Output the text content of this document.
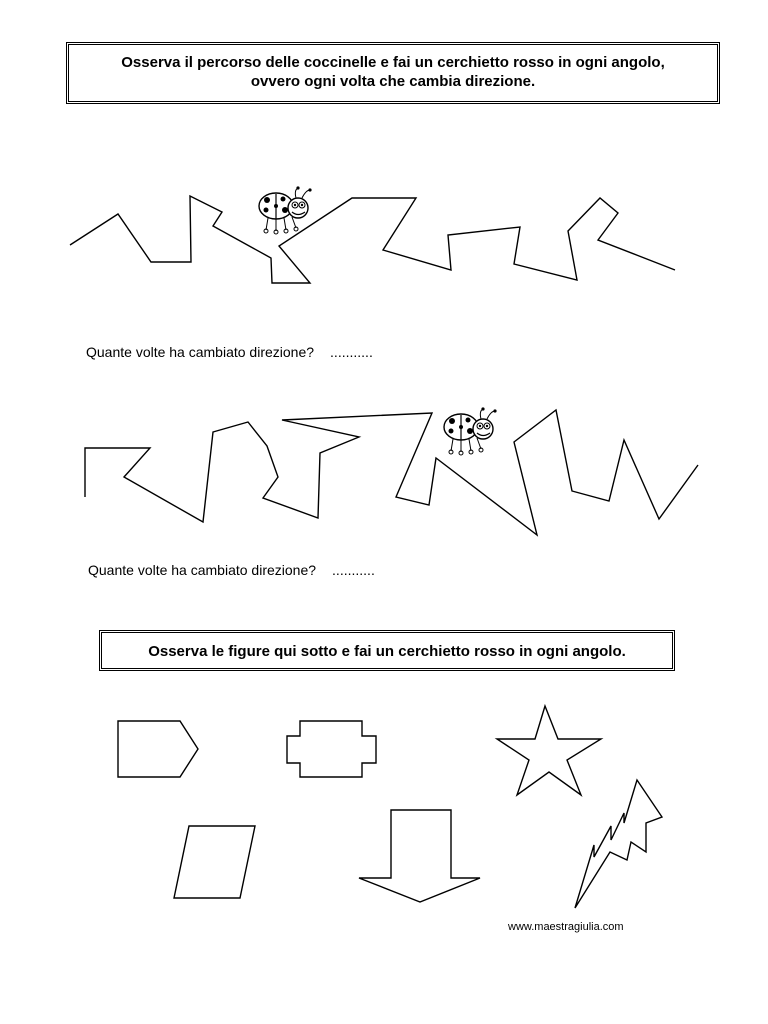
Osserva il percorso delle coccinelle e fai un cerchietto rosso in ogni angolo,
ovvero ogni volta che cambia direzione.
Quante volte ha cambiato direzione? ...........
Quante volte ha cambiato direzione? ...........
Osserva le figure qui sotto e fai un cerchietto rosso in ogni angolo.
www.maestragiulia.com
